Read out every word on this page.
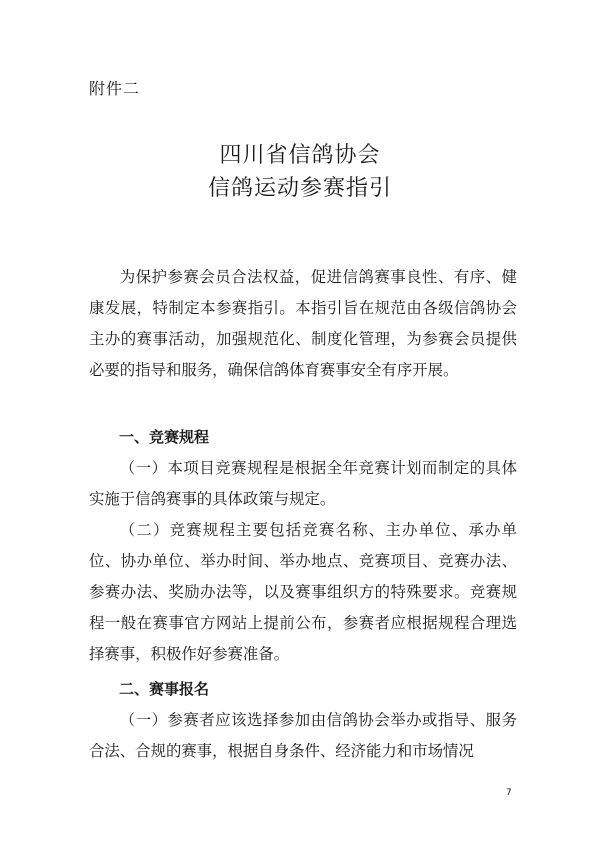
附件二
四川省信鸽协会
信鸽运动参赛指引

为保护参赛会员合法权益，促进信鸽赛事良性、有序、健康发展，特制定本参赛指引。本指引旨在规范由各级信鸽协会主办的赛事活动，加强规范化、制度化管理，为参赛会员提供必要的指导和服务，确保信鸽体育赛事安全有序开展。

一、竞赛规程

（一）本项目竞赛规程是根据全年竞赛计划而制定的具体实施于信鸽赛事的具体政策与规定。

（二）竞赛规程主要包括竞赛名称、主办单位、承办单位、协办单位、举办时间、举办地点、竞赛项目、竞赛办法、参赛办法、奖励办法等，以及赛事组织方的特殊要求。竞赛规程一般在赛事官方网站上提前公布，参赛者应根据规程合理选择赛事，积极作好参赛准备。

二、赛事报名

（一）参赛者应该选择参加由信鸽协会举办或指导、服务合法、合规的赛事，根据自身条件、经济能力和市场情况

7
